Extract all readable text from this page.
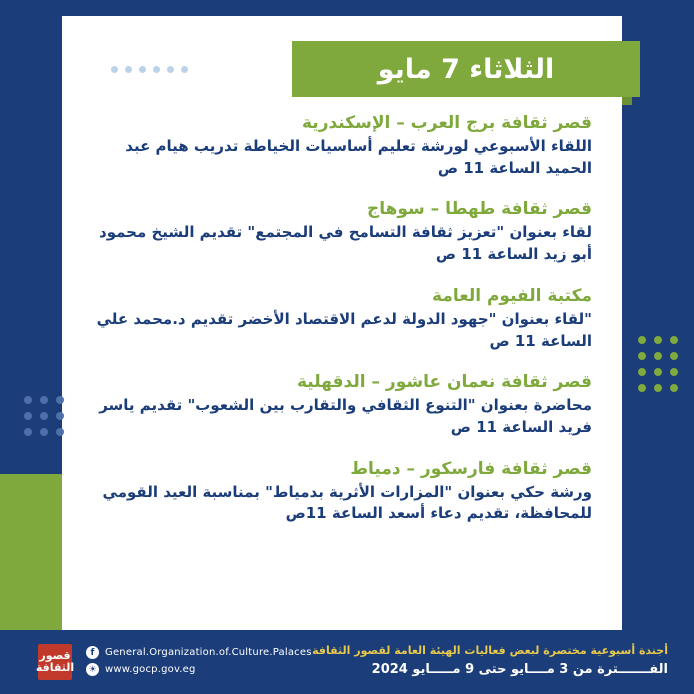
الثلاثاء 7 مايو
قصر ثقافة برج العرب – الإسكندرية
اللقاء الأسبوعي لورشة تعليم أساسيات الخياطة تدريب هيام عبد الحميد الساعة 11 ص
قصر ثقافة طهطا – سوهاج
لقاء بعنوان "تعزيز ثقافة التسامح في المجتمع" تقديم الشيخ محمود أبو زيد الساعة 11 ص
مكتبة الفيوم العامة
"لقاء بعنوان "جهود الدولة لدعم الاقتصاد الأخضر تقديم د.محمد علي الساعة 11 ص
قصر ثقافة نعمان عاشور – الدقهلية
محاضرة بعنوان "التنوع الثقافي والتقارب بين الشعوب" تقديم ياسر فريد الساعة 11 ص
قصر ثقافة فارسكور – دمياط
ورشة حكي بعنوان "المزارات الأثرية بدمياط" بمناسبة العيد القومي للمحافظة، تقديم دعاء أسعد الساعة 11ص
قصور الثقافة
f	General.Organization.of.Culture.Palaces
☀ www.gocp.gov.eg
أجندة أسبوعية مختصرة لبعض فعاليات الهيئة العامة لقصور الثقافة
الفـــــــترة من 3 مــــايو حتى 9 مـــــايو 2024
